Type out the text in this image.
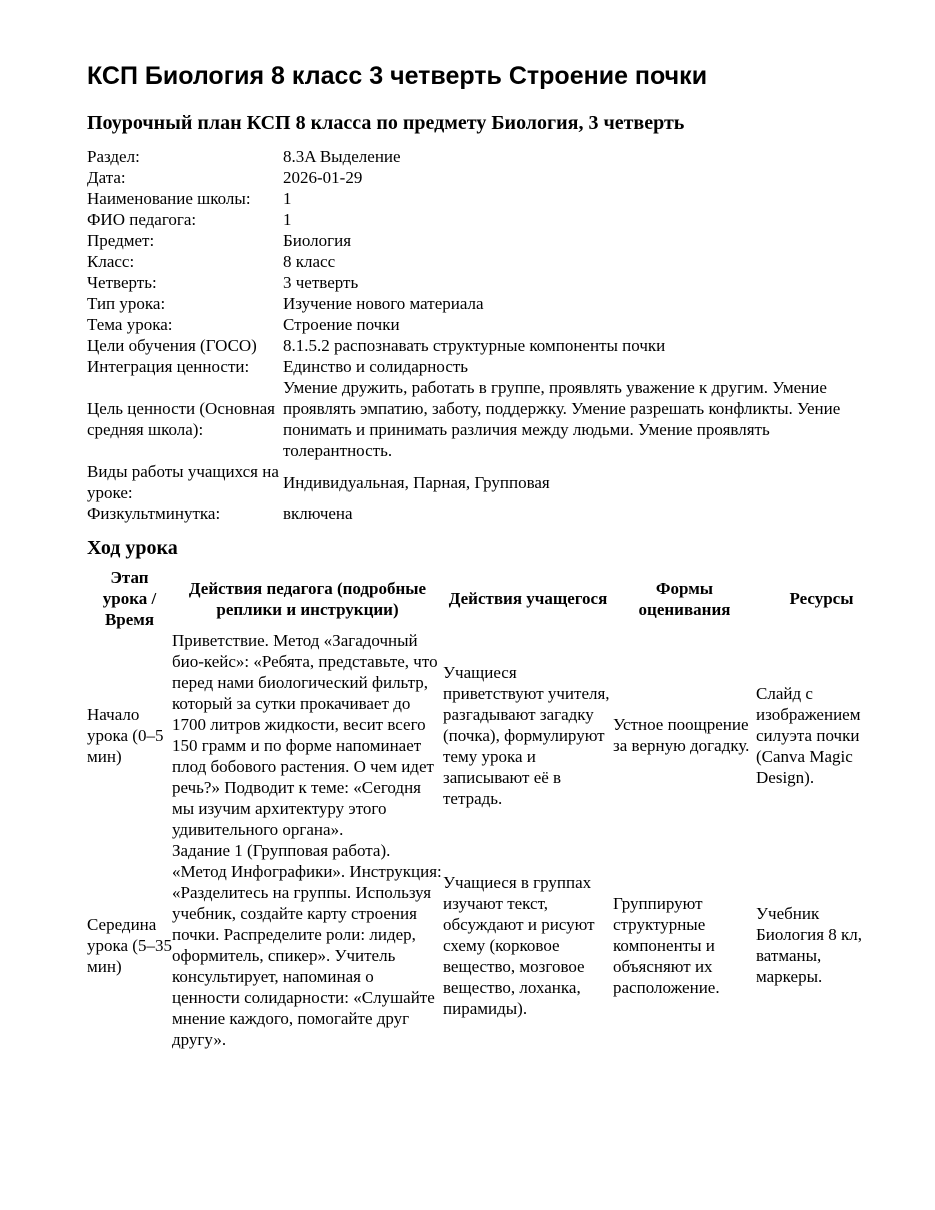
КСП Биология 8 класс 3 четверть Строение почки
Поурочный план КСП 8 класса по предмету Биология, 3 четверть
Раздел:	8.3A Выделение
Дата:	2026-01-29
Наименование школы:	1
ФИО педагога:	1
Предмет:	Биология
Класс:	8 класс
Четверть:	3 четверть
Тип урока:	Изучение нового материала
Тема урока:	Строение почки
Цели обучения (ГОСО)	8.1.5.2 распознавать структурные компоненты почки
Интеграция ценности:	Единство и солидарность
Цель ценности (Основная средняя школа):	Умение дружить, работать в группе, проявлять уважение к другим. Умение проявлять эмпатию, заботу, поддержку. Умение разрешать конфликты. Уение понимать и принимать различия между людьми. Умение проявлять толерантность.
Виды работы учащихся на уроке:	Индивидуальная, Парная, Групповая
Физкультминутка:	включена
Ход урока
Этап урока / Время	Действия педагога (подробные реплики и инструкции)	Действия учащегося	Формы оценивания	Ресурсы
Начало урока (0–5 мин)	Приветствие. Метод «Загадочный био-кейс»: «Ребята, представьте, что перед нами биологический фильтр, который за сутки прокачивает до 1700 литров жидкости, весит всего 150 грамм и по форме напоминает плод бобового растения. О чем идет речь?» Подводит к теме: «Сегодня мы изучим архитектуру этого удивительного органа».	Учащиеся приветствуют учителя, разгадывают загадку (почка), формулируют тему урока и записывают её в тетрадь.	Устное поощрение за верную догадку.	Слайд с изображением силуэта почки (Canva Magic Design).
Середина урока (5–35 мин)	Задание 1 (Групповая работа). «Метод Инфографики». Инструкция: «Разделитесь на группы. Используя учебник, создайте карту строения почки. Распределите роли: лидер, оформитель, спикер». Учитель консультирует, напоминая о ценности солидарности: «Слушайте мнение каждого, помогайте друг другу».	Учащиеся в группах изучают текст, обсуждают и рисуют схему (корковое вещество, мозговое вещество, лоханка, пирамиды).	Группируют структурные компоненты и объясняют их расположение.	Учебник Биология 8 кл, ватманы, маркеры.
